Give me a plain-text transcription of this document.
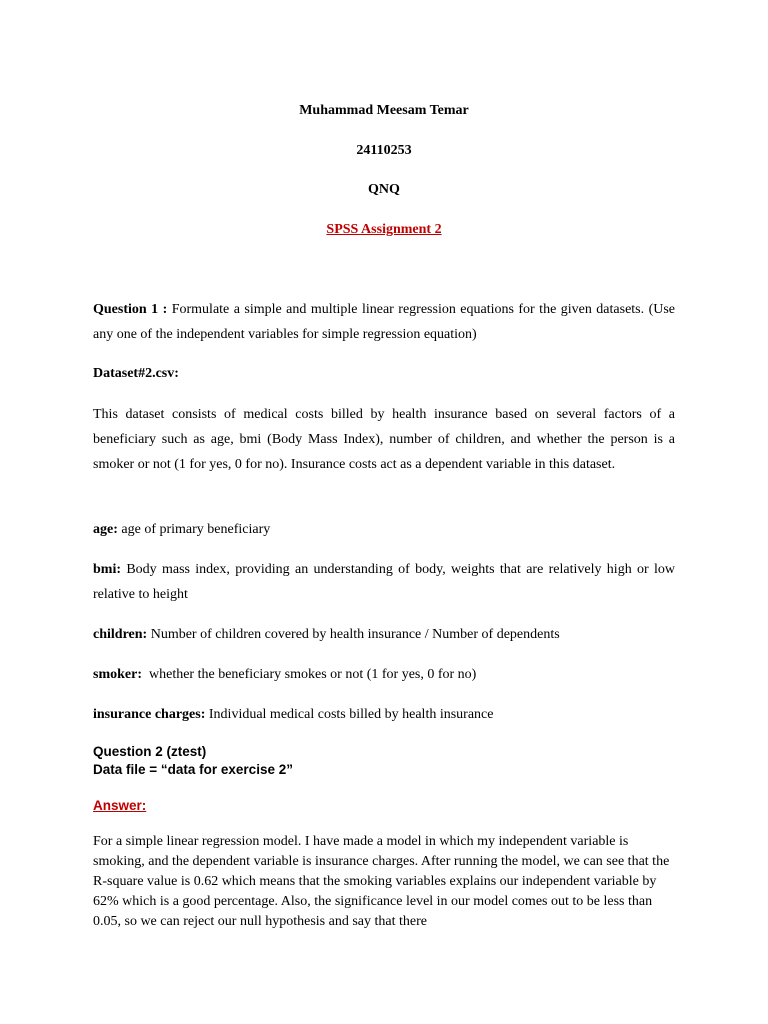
Muhammad Meesam Temar
24110253
QNQ
SPSS Assignment 2
Question 1 : Formulate a simple and multiple linear regression equations for the given datasets. (Use any one of the independent variables for simple regression equation)
Dataset#2.csv:
This dataset consists of medical costs billed by health insurance based on several factors of a beneficiary such as age, bmi (Body Mass Index), number of children, and whether the person is a smoker or not (1 for yes, 0 for no). Insurance costs act as a dependent variable in this dataset.
age: age of primary beneficiary
bmi: Body mass index, providing an understanding of body, weights that are relatively high or low relative to height
children: Number of children covered by health insurance / Number of dependents
smoker:  whether the beneficiary smokes or not (1 for yes, 0 for no)
insurance charges: Individual medical costs billed by health insurance
Question 2 (ztest)
Data file = “data for exercise 2”
Answer:
For a simple linear regression model. I have made a model in which my independent variable is smoking, and the dependent variable is insurance charges. After running the model, we can see that the R-square value is 0.62 which means that the smoking variables explains our independent variable by 62% which is a good percentage. Also, the significance level in our model comes out to be less than 0.05, so we can reject our null hypothesis and say that there
